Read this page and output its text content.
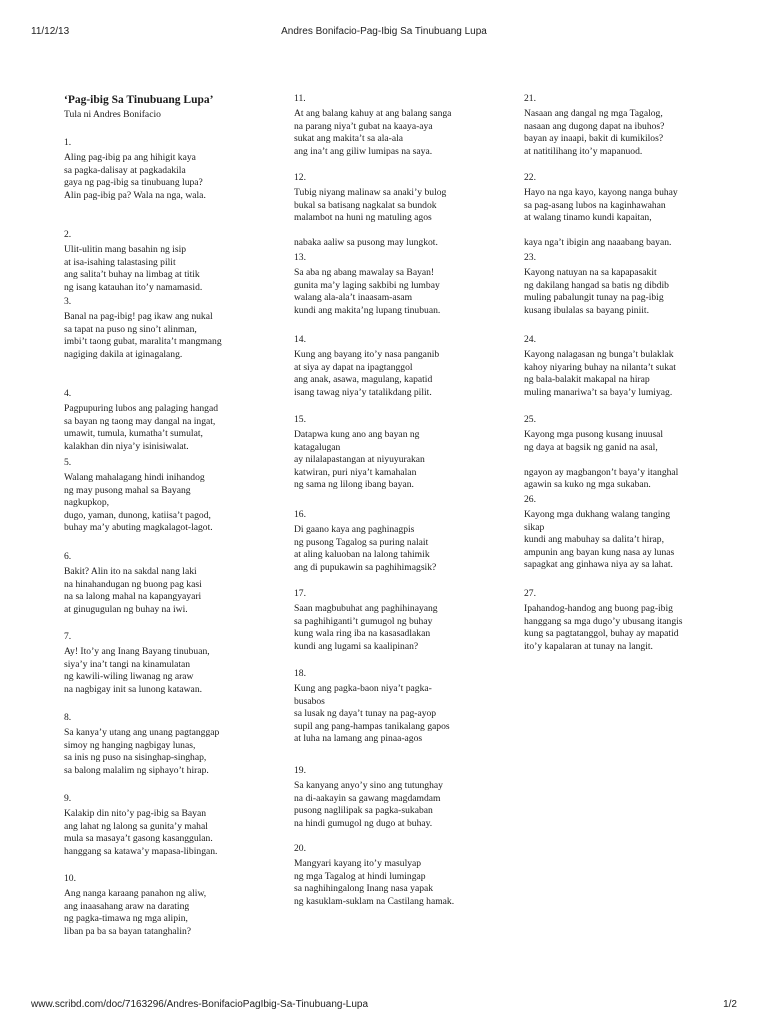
11/12/13	Andres Bonifacio-Pag-Ibig Sa Tinubuang Lupa
‘Pag-ibig Sa Tinubuang Lupa’
Tula ni Andres Bonifacio
1.
Aling pag-ibig pa ang hihigit kaya
sa pagka-dalisay at pagkadakila
gaya ng pag-ibig sa tinubuang lupa?
Alin pag-ibig pa? Wala na nga, wala.
2.
Ulit-ulitin mang basahin ng isip
at isa-isahing talastasing pilit
ang salita’t buhay na limbag at titik
ng isang katauhan ito’y namamasid.
3.
Banal na pag-ibig! pag ikaw ang nukal
sa tapat na puso ng sino’t alinman,
imbi’t taong gubat, maralita’t mangmang
nagiging dakila at iginagalang.
4.
Pagpupuring lubos ang palaging hangad
sa bayan ng taong may dangal na ingat,
umawit, tumula, kumatha’t sumulat,
kalakhan din niya’y isinisiwalat.
5.
Walang mahalagang hindi inihandog
ng may pusong mahal sa Bayang
nagkupkop,
dugo, yaman, dunong, katiisa’t pagod,
buhay ma’y abuting magkalagot-lagot.
6.
Bakit? Alin ito na sakdal nang laki
na hinahandugan ng buong pag kasi
na sa lalong mahal na kapangyayari
at ginugugulan ng buhay na iwi.
7.
Ay! Ito’y ang Inang Bayang tinubuan,
siya’y ina’t tangi na kinamulatan
ng kawili-wiling liwanag ng araw
na nagbigay init sa lunong katawan.
8.
Sa kanya’y utang ang unang pagtanggap
simoy ng hanging nagbigay lunas,
sa inis ng puso na sisinghap-singhap,
sa balong malalim ng siphayo’t hirap.
9.
Kalakip din nito’y pag-ibig sa Bayan
ang lahat ng lalong sa gunita’y mahal
mula sa masaya’t gasong kasanggulan.
hanggang sa katawa’y mapasa-libingan.
10.
Ang nanga karaang panahon ng aliw,
ang inaasahang araw na darating
ng pagka-timawa ng mga alipin,
liban pa ba sa bayan tatanghalin?
11.
At ang balang kahuy at ang balang sanga
na parang niya’t gubat na kaaya-aya
sukat ang makita’t sa ala-ala
ang ina’t ang giliw lumipas na saya.
12.
Tubig niyang malinaw sa anaki’y bulog
bukal sa batisang nagkalat sa bundok
malambot na huni ng matuling agos

nabaka aaliw sa pusong may lungkot.
13.
Sa aba ng abang mawalay sa Bayan!
gunita ma’y laging sakbibi ng lumbay
walang ala-ala’t inaasam-asam
kundi ang makita’ng lupang tinubuan.
14.
Kung ang bayang ito’y nasa panganib
at siya ay dapat na ipagtanggol
ang anak, asawa, magulang, kapatid
isang tawag niya’y tatalikdang pilit.
15.
Datapwa kung ano ang bayan ng
katagalugan
ay nilalapastangan at niyuyurakan
katwiran, puri niya’t kamahalan
ng sama ng lilong ibang bayan.
16.
Di gaano kaya ang paghinagpis
ng pusong Tagalog sa puring nalait
at aling kaluoban na lalong tahimik
ang di pupukawin sa paghihimagsik?
17.
Saan magbubuhat ang paghihinayang
sa paghihiganti’t gumugol ng buhay
kung wala ring iba na kasasadlakan
kundi ang lugami sa kaalipinan?
18.
Kung ang pagka-baon niya’t pagka-
busabos
sa lusak ng daya’t tunay na pag-ayop
supil ang pang-hampas tanikalang gapos
at luha na lamang ang pinaa-agos
19.
Sa kanyang anyo’y sino ang tutunghay
na di-aakayin sa gawang magdamdam
pusong naglilipak sa pagka-sukaban
na hindi gumugol ng dugo at buhay.
20.
Mangyari kayang ito’y masulyap
ng mga Tagalog at hindi lumingap
sa naghihingalong Inang nasa yapak
ng kasuklam-suklam na Castilang hamak.
21.
Nasaan ang dangal ng mga Tagalog,
nasaan ang dugong dapat na ibuhos?
bayan ay inaapi, bakit di kumikilos?
at natitilihang ito’y mapanuod.
22.
Hayo na nga kayo, kayong nanga buhay
sa pag-asang lubos na kaginhawahan
at walang tinamo kundi kapaitan,

kaya nga’t ibigin ang naaabang bayan.
23.
Kayong natuyan na sa kapapasakit
ng dakilang hangad sa batis ng dibdib
muling pabalungit tunay na pag-ibig
kusang ibulalas sa bayang piniit.
24.
Kayong nalagasan ng bunga’t bulaklak
kahoy niyaring buhay na nilanta’t sukat
ng bala-balakit makapal na hirap
muling manariwa’t sa baya’y lumiyag.
25.
Kayong mga pusong kusang inuusal
ng daya at bagsik ng ganid na asal,

ngayon ay magbangon’t baya’y itanghal
agawin sa kuko ng mga sukaban.
26.
Kayong mga dukhang walang tanging
sikap
kundi ang mabuhay sa dalita’t hirap,
ampunin ang bayan kung nasa ay lunas
sapagkat ang ginhawa niya ay sa lahat.
27.
Ipahandog-handog ang buong pag-ibig
hanggang sa mga dugo’y ubusang itangis
kung sa pagtatanggol, buhay ay mapatid
ito’y kapalaran at tunay na langit.
www.scribd.com/doc/7163296/Andres-BonifacioPagIbig-Sa-Tinubuang-Lupa	1/2
